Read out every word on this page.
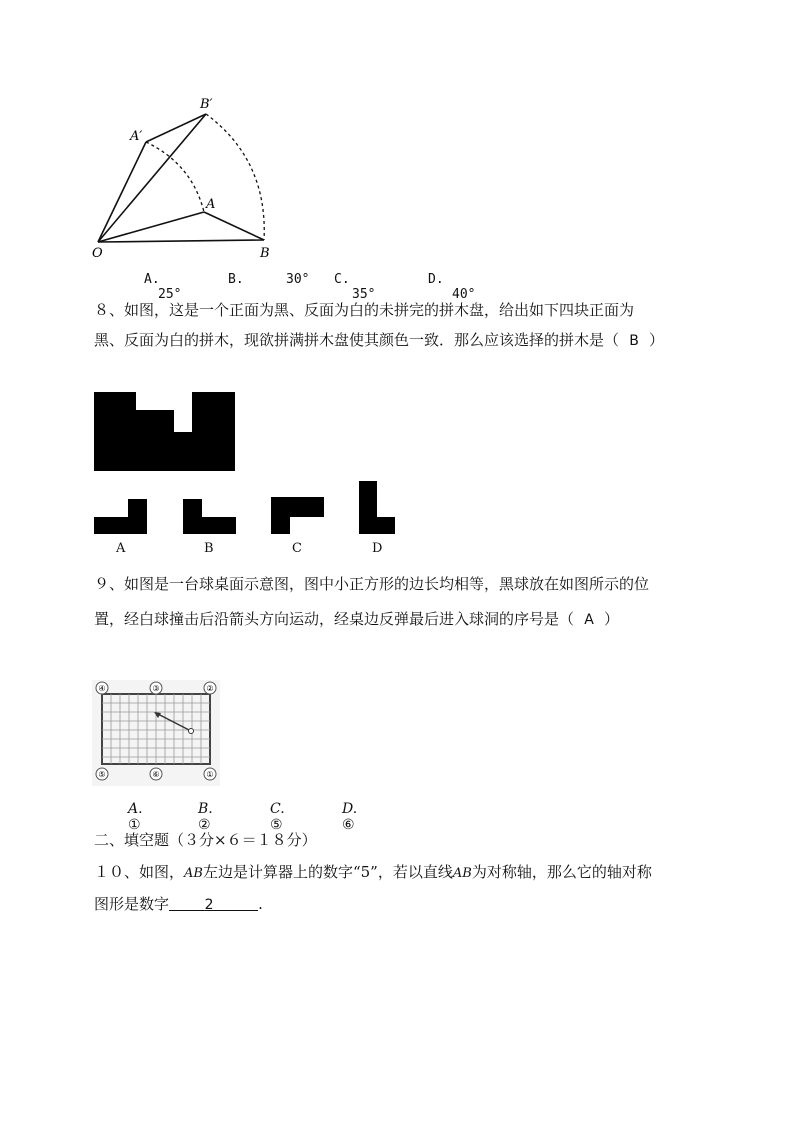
B′
A′
A
O	B
A. 25°
B.	30° C. 35°
D. 40°
８、如图，这是一个正面为黑、反面为白的未拼完的拼木盘，给出如下四块正面为
黑、反面为白的拼木，现欲拼满拼木盘使其颜色一致．那么应该选择的拼木是（ B ）
A	B	C	D
９、如图是一台球桌面示意图，图中小正方形的边长均相等，黑球放在如图所示的位
置，经白球撞击后沿箭头方向运动，经桌边反弹最后进入球洞的序号是（ A ）
④	③	②
⑤	⑥	①
A. ①
B. ②
C. ⑤
D. ⑥
二、填空题（３分×６＝１８分）
１０、如图，AB左边是计算器上的数字“5”，若以直线AB为对称轴，那么它的轴对称
图形是数字	2	.
